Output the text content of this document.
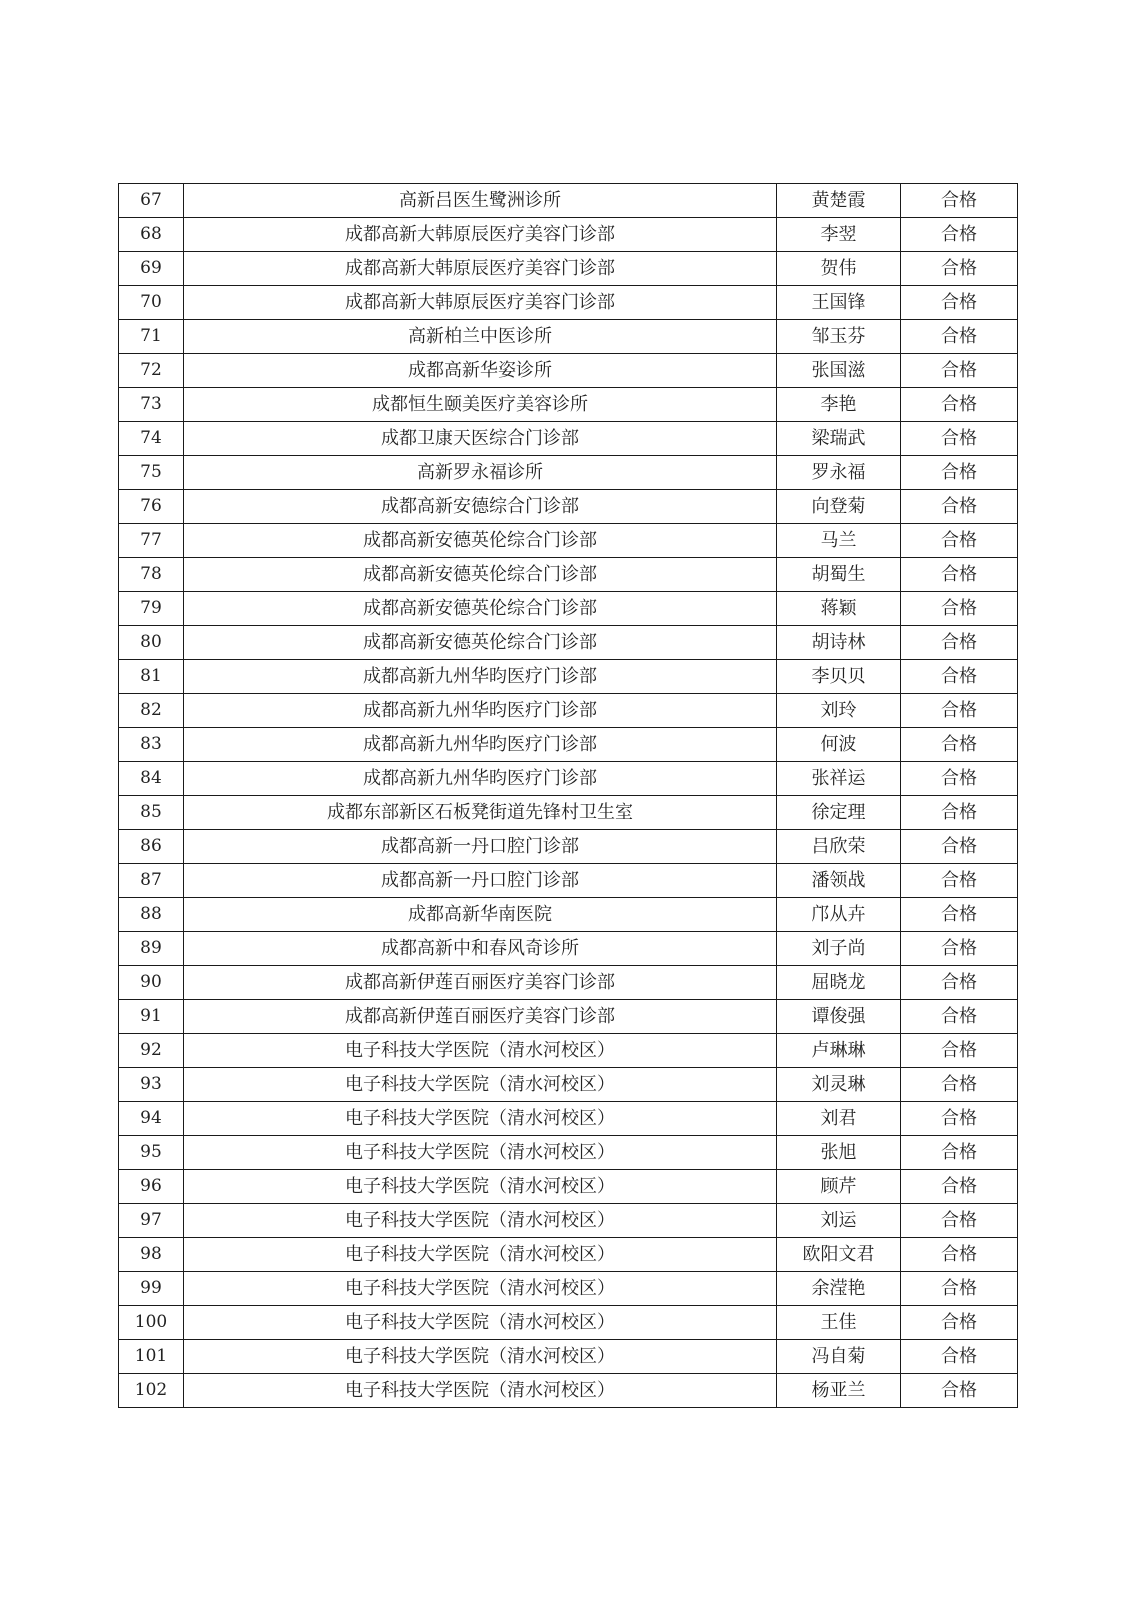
67	高新吕医生鹭洲诊所	黄楚霞	合格
68	成都高新大韩原辰医疗美容门诊部	李翌	合格
69	成都高新大韩原辰医疗美容门诊部	贺伟	合格
70	成都高新大韩原辰医疗美容门诊部	王国锋	合格
71	高新柏兰中医诊所	邹玉芬	合格
72	成都高新华姿诊所	张国滋	合格
73	成都恒生颐美医疗美容诊所	李艳	合格
74	成都卫康天医综合门诊部	梁瑞武	合格
75	高新罗永福诊所	罗永福	合格
76	成都高新安德综合门诊部	向登菊	合格
77	成都高新安德英伦综合门诊部	马兰	合格
78	成都高新安德英伦综合门诊部	胡蜀生	合格
79	成都高新安德英伦综合门诊部	蒋颖	合格
80	成都高新安德英伦综合门诊部	胡诗林	合格
81	成都高新九州华昀医疗门诊部	李贝贝	合格
82	成都高新九州华昀医疗门诊部	刘玲	合格
83	成都高新九州华昀医疗门诊部	何波	合格
84	成都高新九州华昀医疗门诊部	张祥运	合格
85	成都东部新区石板凳街道先锋村卫生室	徐定理	合格
86	成都高新一丹口腔门诊部	吕欣荣	合格
87	成都高新一丹口腔门诊部	潘领战	合格
88	成都高新华南医院	邝从卉	合格
89	成都高新中和春风奇诊所	刘子尚	合格
90	成都高新伊莲百丽医疗美容门诊部	屈晓龙	合格
91	成都高新伊莲百丽医疗美容门诊部	谭俊强	合格
92	电子科技大学医院（清水河校区）	卢琳琳	合格
93	电子科技大学医院（清水河校区）	刘灵琳	合格
94	电子科技大学医院（清水河校区）	刘君	合格
95	电子科技大学医院（清水河校区）	张旭	合格
96	电子科技大学医院（清水河校区）	顾芹	合格
97	电子科技大学医院（清水河校区）	刘运	合格
98	电子科技大学医院（清水河校区）	欧阳文君	合格
99	电子科技大学医院（清水河校区）	余滢艳	合格
100	电子科技大学医院（清水河校区）	王佳	合格
101	电子科技大学医院（清水河校区）	冯自菊	合格
102	电子科技大学医院（清水河校区）	杨亚兰	合格
